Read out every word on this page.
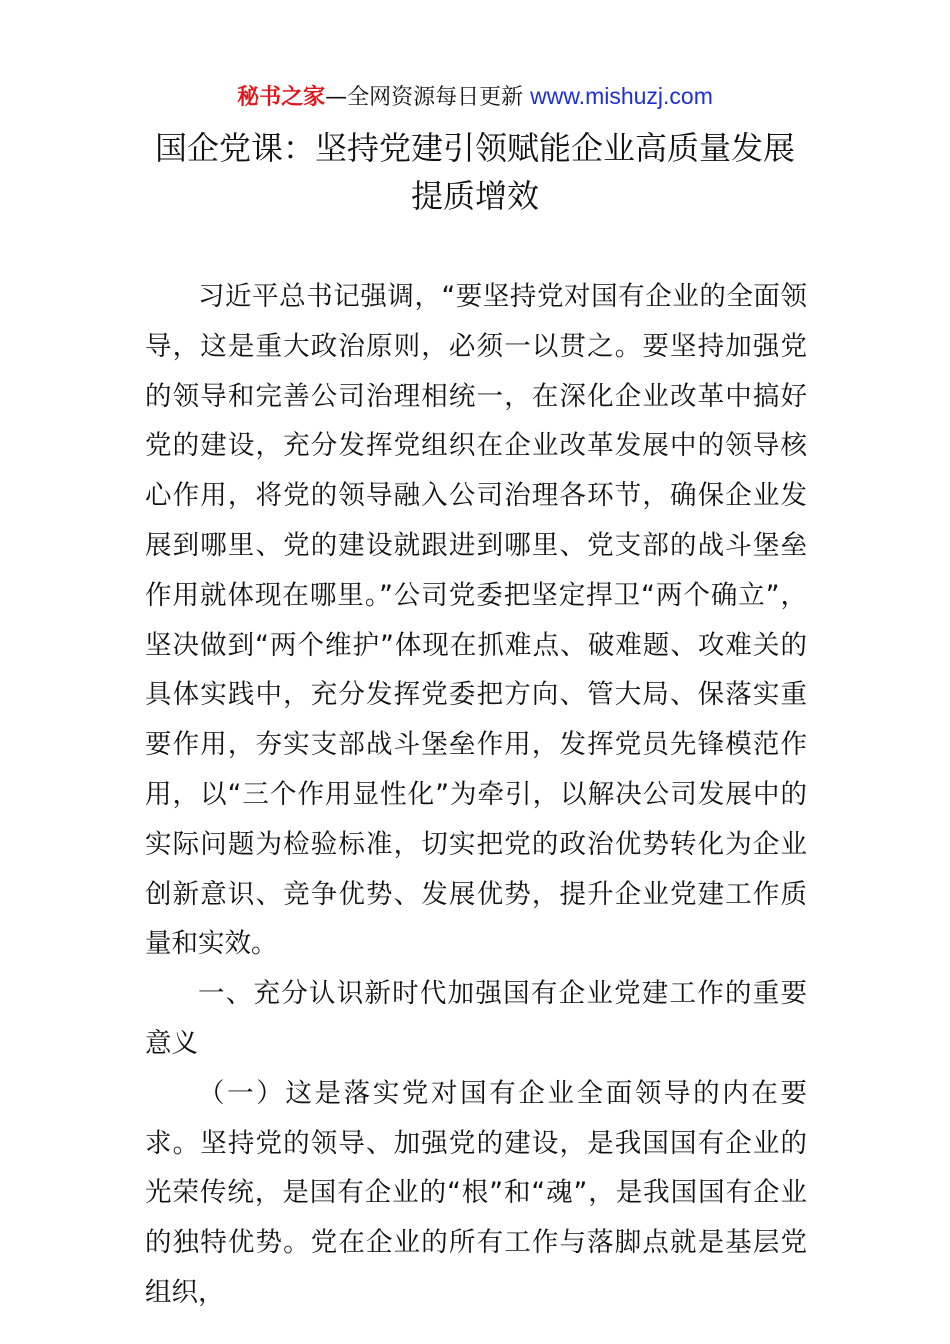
秘书之家—全网资源每日更新 www.mishuzj.com
国企党课：坚持党建引领赋能企业高质量发展
提质增效

习近平总书记强调，“要坚持党对国有企业的全面领导，这是重大政治原则，必须一以贯之。要坚持加强党的领导和完善公司治理相统一，在深化企业改革中搞好党的建设，充分发挥党组织在企业改革发展中的领导核心作用，将党的领导融入公司治理各环节，确保企业发展到哪里、党的建设就跟进到哪里、党支部的战斗堡垒作用就体现在哪里。”公司党委把坚定捍卫“两个确立”，坚决做到“两个维护”体现在抓难点、破难题、攻难关的具体实践中，充分发挥党委把方向、管大局、保落实重要作用，夯实支部战斗堡垒作用，发挥党员先锋模范作用，以“三个作用显性化”为牵引，以解决公司发展中的实际问题为检验标准，切实把党的政治优势转化为企业创新意识、竞争优势、发展优势，提升企业党建工作质量和实效。

一、充分认识新时代加强国有企业党建工作的重要意义

（一）这是落实党对国有企业全面领导的内在要求。坚持党的领导、加强党的建设，是我国国有企业的光荣传统，是国有企业的“根”和“魂”，是我国国有企业的独特优势。党在企业的所有工作与落脚点就是基层党组织，
